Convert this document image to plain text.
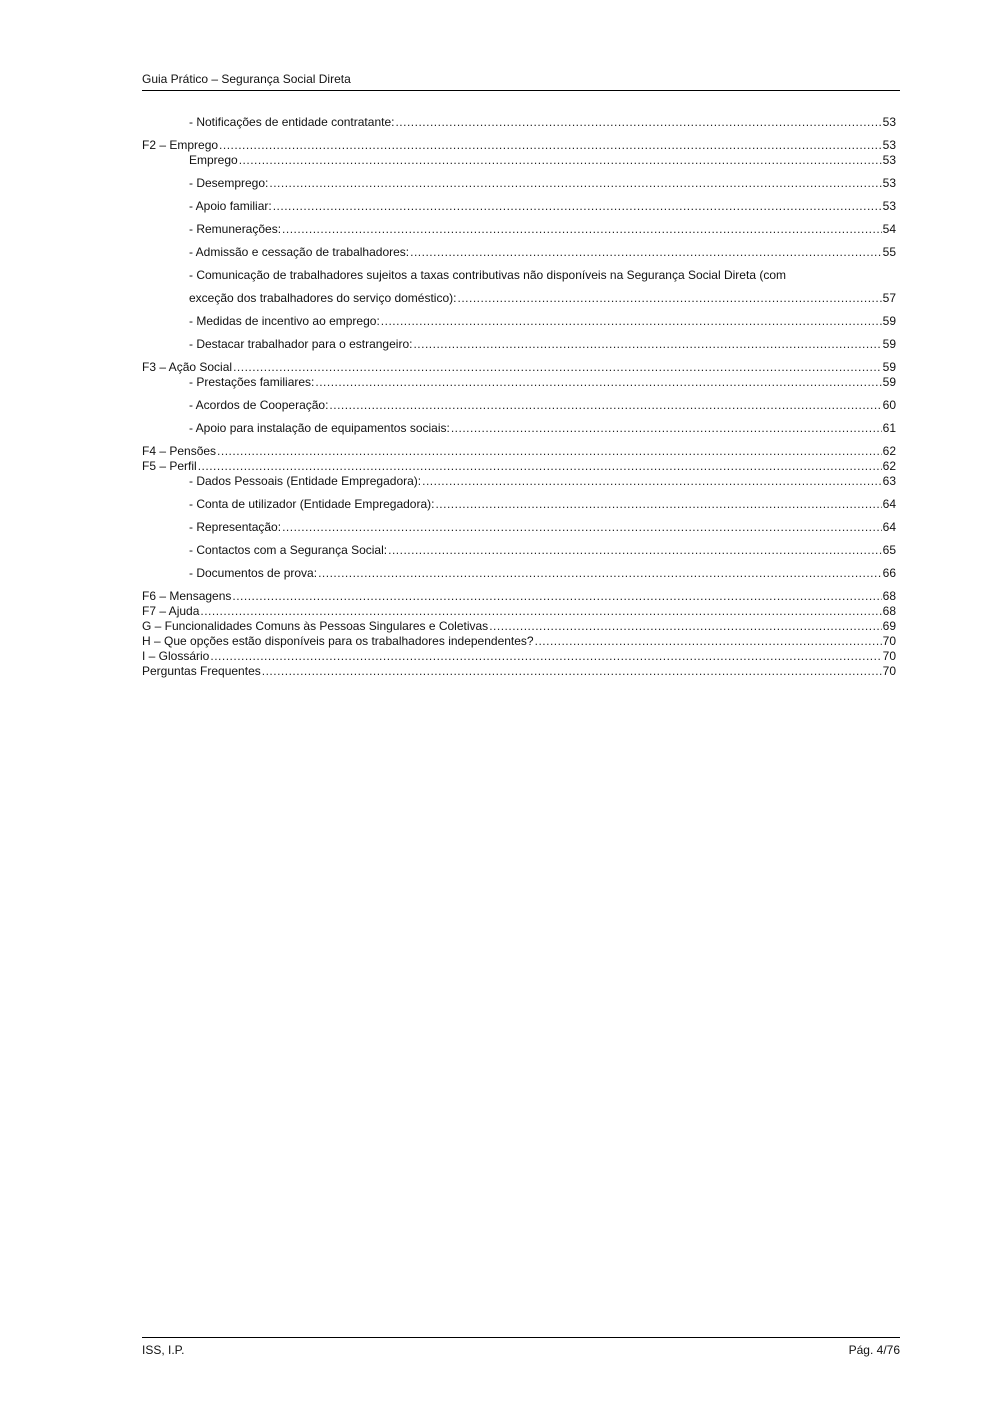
Guia Prático – Segurança Social Direta
- Notificações de entidade contratante: .....	53
F2 – Emprego .....	53
Emprego .....	53
- Desemprego: .....	53
- Apoio familiar: .....	53
- Remunerações: .....	54
- Admissão e cessação de trabalhadores: .....	55
- Comunicação de trabalhadores sujeitos a taxas contributivas não disponíveis na Segurança Social Direta (com
exceção dos trabalhadores do serviço doméstico): .....	57
- Medidas de incentivo ao emprego: .....	59
- Destacar trabalhador para o estrangeiro: .....	59
F3 – Ação Social .....	59
- Prestações familiares: .....	59
- Acordos de Cooperação: .....	60
- Apoio para instalação de equipamentos sociais: .....	61
F4 – Pensões .....	62
F5 – Perfil .....	62
- Dados Pessoais (Entidade Empregadora): .....	63
- Conta de utilizador (Entidade Empregadora): .....	64
- Representação: .....	64
- Contactos com a Segurança Social: .....	65
- Documentos de prova: .....	66
F6 – Mensagens .....	68
F7 – Ajuda .....	68
G – Funcionalidades Comuns às Pessoas Singulares e Coletivas .....	69
H – Que opções estão disponíveis para os trabalhadores independentes? .....	70
I – Glossário .....	70
Perguntas Frequentes .....	70
ISS, I.P.	Pág. 4/76
